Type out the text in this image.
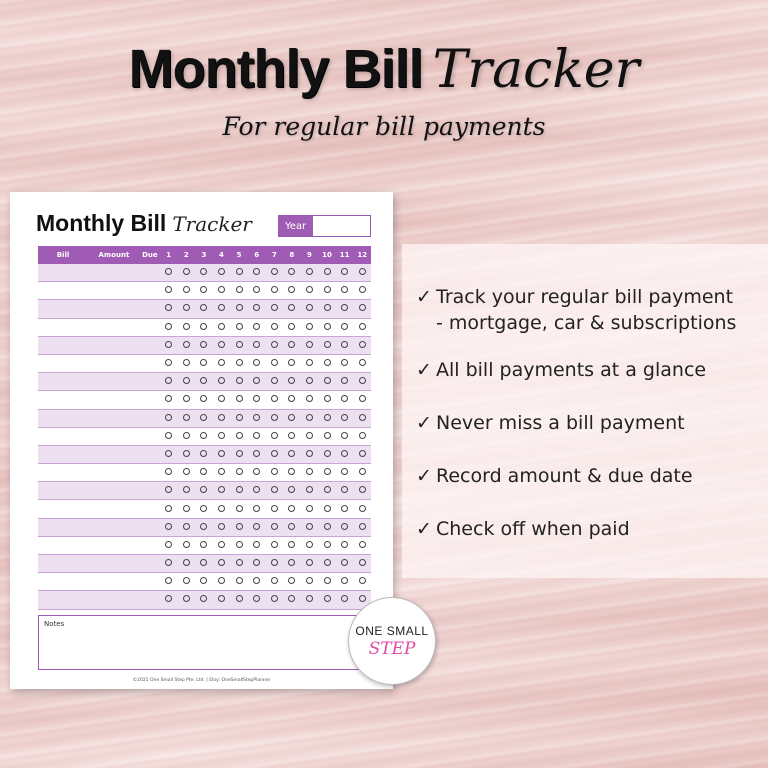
Monthly Bill Tracker
For regular bill payments
Monthly Bill Tracker	Year
Bill	Amount	Due	1	2	3	4	5	6	7	8	9	10	11	12
Notes
©2021 One Small Step Pte. Ltd. | Etsy: OneSmallStepPlanner
✓ Track your regular bill payment
- mortgage, car & subscriptions
✓ All bill payments at a glance
✓ Never miss a bill payment
✓ Record amount & due date
✓ Check off when paid
ONE SMALL
STEP
